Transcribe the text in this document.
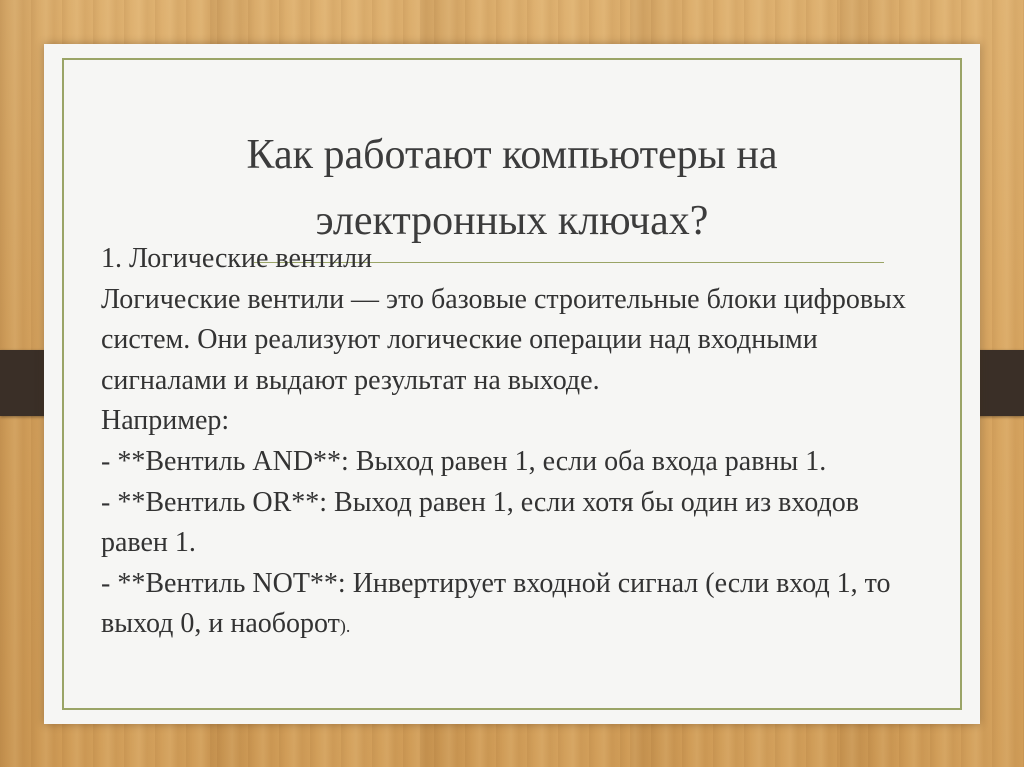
Как работают компьютеры на
электронных ключах?

1. Логические вентили

Логические вентили — это базовые строительные блоки цифровых систем. Они реализуют логические операции над входными сигналами и выдают результат на выходе.

Например:

- **Вентиль AND**: Выход равен 1, если оба входа равны 1.

- **Вентиль OR**: Выход равен 1, если хотя бы один из входов равен 1.

- **Вентиль NOT**: Инвертирует входной сигнал (если вход 1, то выход 0, и наоборот).
